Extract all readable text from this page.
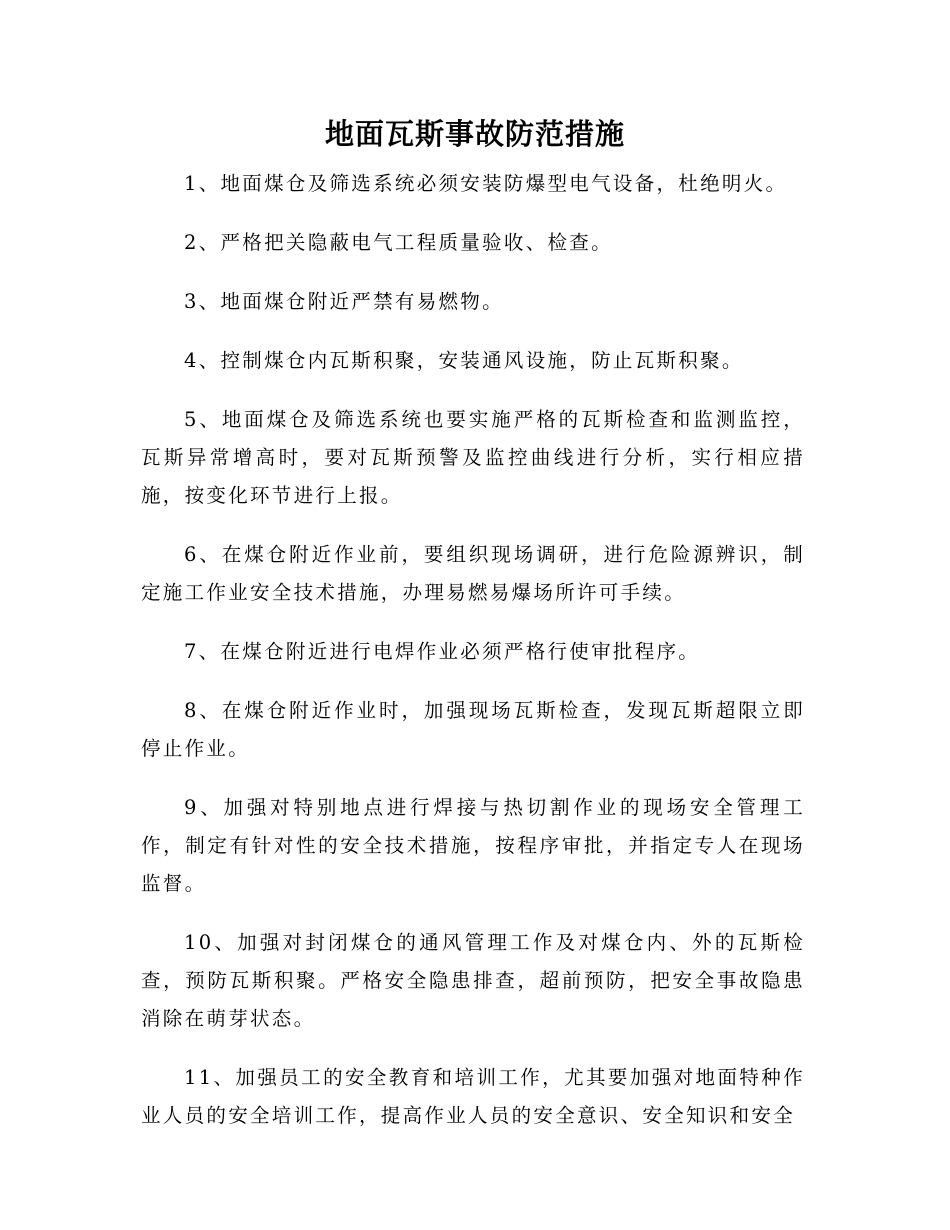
地面瓦斯事故防范措施

1、地面煤仓及筛选系统必须安装防爆型电气设备，杜绝明火。

2、严格把关隐蔽电气工程质量验收、检查。

3、地面煤仓附近严禁有易燃物。

4、控制煤仓内瓦斯积聚，安装通风设施，防止瓦斯积聚。

5、地面煤仓及筛选系统也要实施严格的瓦斯检查和监测监控，瓦斯异常增高时，要对瓦斯预警及监控曲线进行分析，实行相应措施，按变化环节进行上报。

6、在煤仓附近作业前，要组织现场调研，进行危险源辨识，制定施工作业安全技术措施，办理易燃易爆场所许可手续。

7、在煤仓附近进行电焊作业必须严格行使审批程序。

8、在煤仓附近作业时，加强现场瓦斯检查，发现瓦斯超限立即停止作业。

9、加强对特别地点进行焊接与热切割作业的现场安全管理工作，制定有针对性的安全技术措施，按程序审批，并指定专人在现场监督。

10、加强对封闭煤仓的通风管理工作及对煤仓内、外的瓦斯检查，预防瓦斯积聚。严格安全隐患排查，超前预防，把安全事故隐患消除在萌芽状态。

11、加强员工的安全教育和培训工作，尤其要加强对地面特种作业人员的安全培训工作，提高作业人员的安全意识、安全知识和安全
